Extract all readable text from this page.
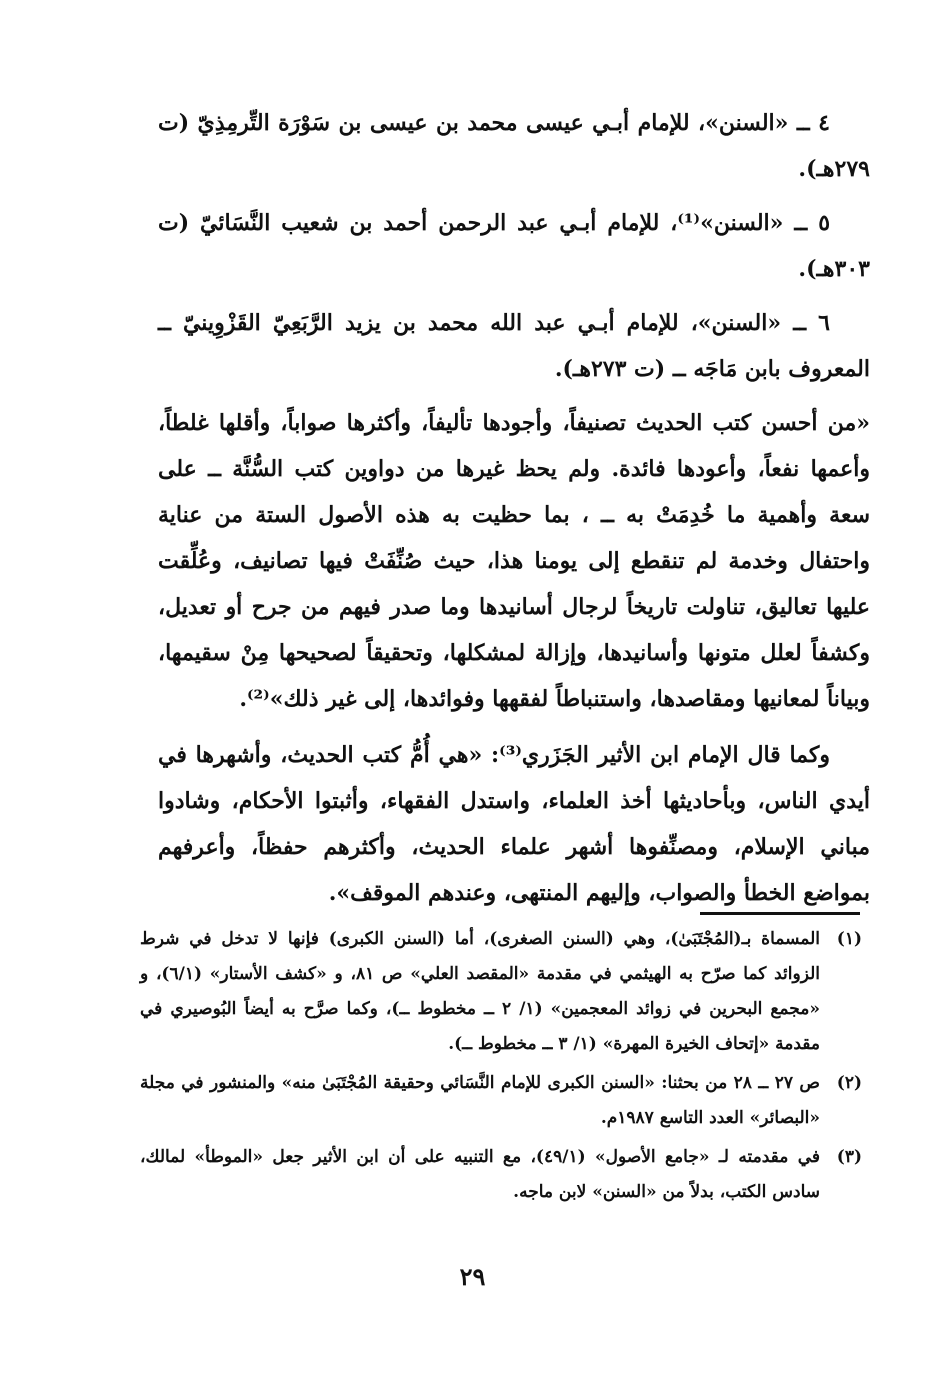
٤ ــ «السنن»، للإمام أبـي عيسى محمد بن عيسى بن سَوْرَة التِّرمِذِيّ (ت ٢٧٩هـ).

٥ ــ «السنن»⁽¹⁾، للإمام أبـي عبد الرحمن أحمد بن شعيب النَّسَائيّ (ت ٣٠٣هـ).

٦ ــ «السنن»، للإمام أبـي عبد الله محمد بن يزيد الرَّبَعِيّ القَزْوِينيّ ــ المعروف بابن مَاجَه ــ (ت ٢٧٣هـ).

«من أحسن كتب الحديث تصنيفاً، وأجودها تأليفاً، وأكثرها صواباً، وأقلها غلطاً، وأعمها نفعاً، وأعودها فائدة. ولم يحظ غيرها من دواوين كتب السُّنَّة ــ على سعة وأهمية ما خُدِمَتْ به ــ ، بما حظيت به هذه الأصول الستة من عناية واحتفال وخدمة لم تنقطع إلى يومنا هذا، حيث صُنِّفَتْ فيها تصانيف، وعُلِّقت عليها تعاليق، تناولت تاريخاً لرجال أسانيدها وما صدر فيهم من جرح أو تعديل، وكشفاً لعلل متونها وأسانيدها، وإزالة لمشكلها، وتحقيقاً لصحيحها مِنْ سقيمها، وبياناً لمعانيها ومقاصدها، واستنباطاً لفقهها وفوائدها، إلى غير ذلك»⁽²⁾.

وكما قال الإمام ابن الأثير الجَزَري⁽³⁾: «هي أُمُّ كتب الحديث، وأشهرها في أيدي الناس، وبأحاديثها أخذ العلماء، واستدل الفقهاء، وأثبتوا الأحكام، وشادوا مباني الإسلام، ومصنِّفوها أشهر علماء الحديث، وأكثرهم حفظاً، وأعرفهم بمواضع الخطأ والصواب، وإليهم المنتهى، وعندهم الموقف».

(١)
المسماة بـ(المُجْتَبَىٰ)، وهي (السنن الصغرى)، أما (السنن الكبرى) فإنها لا تدخل في شرط الزوائد كما صرّح به الهيثمي في مقدمة «المقصد العلي» ص ٨١، و «كشف الأستار» (٦/١)، و «مجمع البحرين في زوائد المعجمين» (١/ ٢ ــ مخطوط ــ)، وكما صرَّح به أيضاً البُوصيري في مقدمة «إتحاف الخيرة المهرة» (١/ ٣ ــ مخطوط ــ).
(٢)
ص ٢٧ ــ ٢٨ من بحثنا: «السنن الكبرى للإمام النَّسَائي وحقيقة المُجْتَبَىٰ منه» والمنشور في مجلة «البصائر» العدد التاسع ١٩٨٧م.
(٣)
في مقدمته لـ «جامع الأصول» (٤٩/١)، مع التنبيه على أن ابن الأثير جعل «الموطأ» لمالك، سادس الكتب، بدلاً من «السنن» لابن ماجه.
٢٩
